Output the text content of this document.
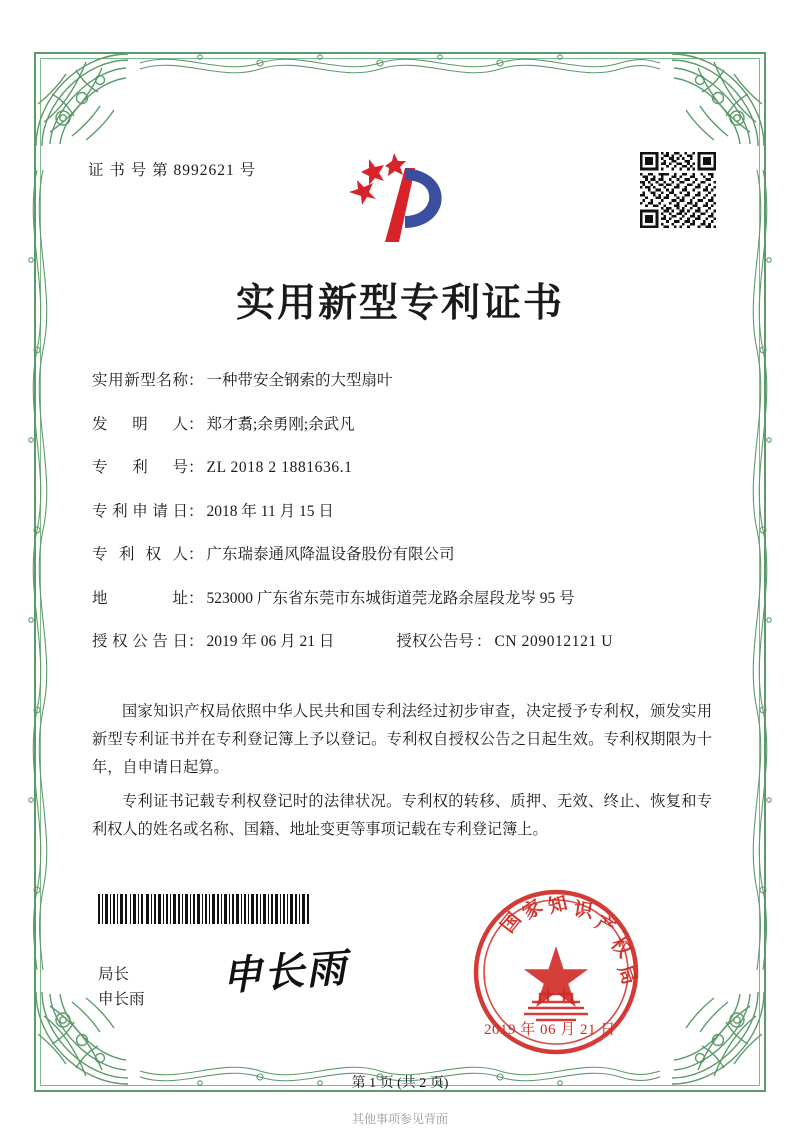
证 书 号 第 8992621 号
实用新型专利证书
实 用 新 型 名 称 ： 一种带安全钢索的大型扇叶
发 明 人 ： 郑才翥;余勇刚;余武凡
专 利 号 ： ZL 2018 2 1881636.1
专 利 申 请 日 ： 2018 年 11 月 15 日
专 利 权 人 ： 广东瑞泰通风降温设备股份有限公司
地	址 ： 523000 广东省东莞市东城街道莞龙路余屋段龙岑 95 号
授 权 公 告 日 ： 2019 年 06 月 21 日	授权公告号 ： CN 209012121 U

国家知识产权局依照中华人民共和国专利法经过初步审查，决定授予专利权，颁发实用新型专利证书并在专利登记簿上予以登记。专利权自授权公告之日起生效。专利权期限为十年，自申请日起算。

专利证书记载专利权登记时的法律状况。专利权的转移、质押、无效、终止、恢复和专利权人的姓名或名称、国籍、地址变更等事项记载在专利登记簿上。

局长
申长雨 申长雨
国
家 知 识
产
权
局
2019 年 06 月 21 日
第 1 页 (共 2 页)
其他事项参见背面
